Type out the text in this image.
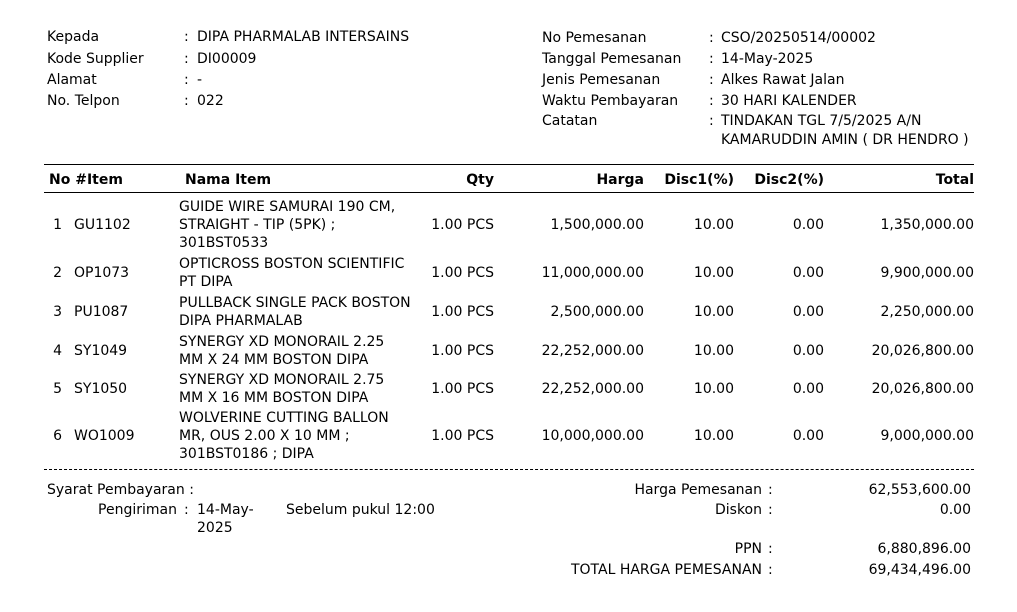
Kepada	: DIPA PHARMALAB INTERSAINS
Kode Supplier	: DI00009
Alamat	: -
No. Telpon	: 022
No Pemesanan	: CSO/20250514/00002
Tanggal Pemesanan : 14-May-2025
Jenis Pemesanan	: Alkes Rawat Jalan
Waktu Pembayaran : 30 HARI KALENDER
Catatan	: TINDAKAN TGL 7/5/2025 A/N
KAMARUDDIN AMIN ( DR HENDRO )
No #Item	Nama Item	Qty	Harga	Disc1(%)	Disc2(%)	Total
1 GU1102
GUIDE WIRE SAMURAI 190 CM,
STRAIGHT - TIP (5PK) ;
301BST0533
1.00 PCS	1,500,000.00	10.00	0.00	1,350,000.00
2 OP1073
OPTICROSS BOSTON SCIENTIFIC
PT DIPA
1.00 PCS	11,000,000.00	10.00	0.00	9,900,000.00
3 PU1087
PULLBACK SINGLE PACK BOSTON
DIPA PHARMALAB
1.00 PCS	2,500,000.00	10.00	0.00	2,250,000.00
4 SY1049
SYNERGY XD MONORAIL 2.25
MM X 24 MM BOSTON DIPA
1.00 PCS	22,252,000.00	10.00	0.00	20,026,800.00
5 SY1050
SYNERGY XD MONORAIL 2.75
MM X 16 MM BOSTON DIPA
1.00 PCS	22,252,000.00	10.00	0.00	20,026,800.00
6 WO1009
WOLVERINE CUTTING BALLON
MR, OUS 2.00 X 10 MM ;
301BST0186 ; DIPA
1.00 PCS	10,000,000.00	10.00	0.00	9,000,000.00
Syarat Pembayaran :
Pengiriman : 14-May-
2025
Sebelum pukul 12:00
Harga Pemesanan :	62,553,600.00
Diskon :	0.00
PPN :	6,880,896.00
TOTAL HARGA PEMESANAN :	69,434,496.00
